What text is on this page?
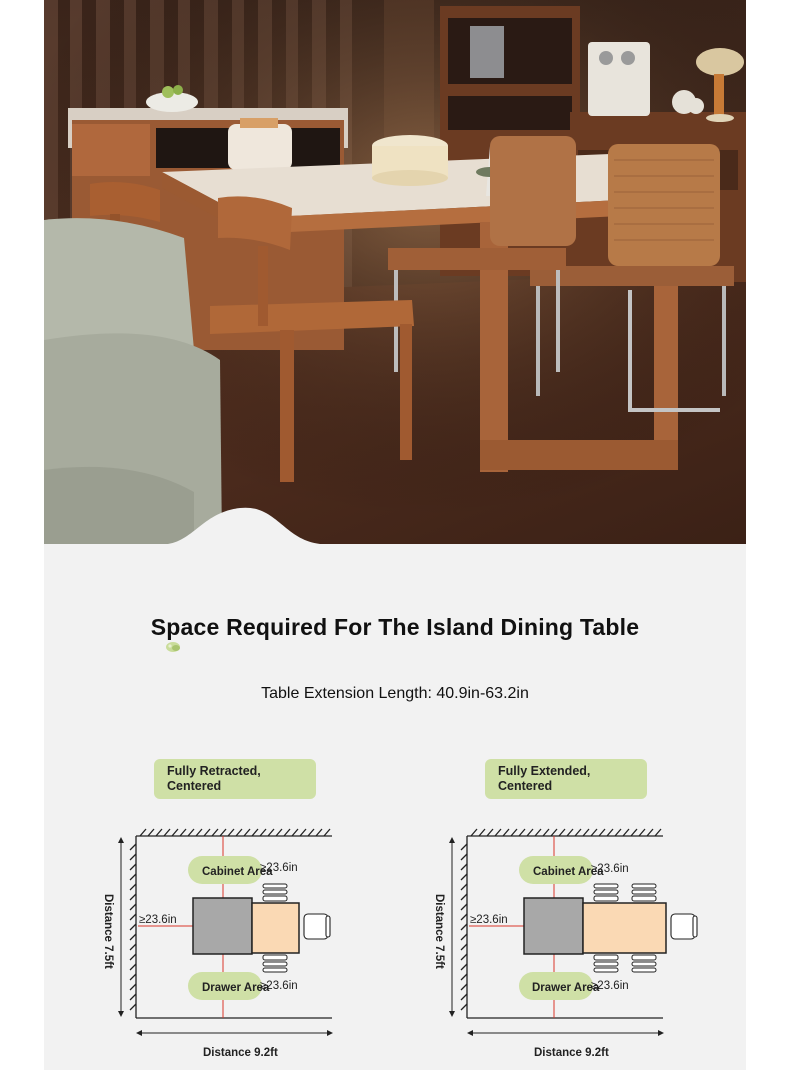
Space Required For The Island Dining Table
Table Extension Length: 40.9in-63.2in
Fully Retracted,
Centered
Fully Extended,
Centered
Cabinet Area
Drawer Area
≥23.6in
≥23.6in
≥23.6in
Distance 7.5ft
Distance 9.2ft
Cabinet Area
Drawer Area
≥23.6in
≥23.6in
≥23.6in
Distance 7.5ft
Distance 9.2ft
